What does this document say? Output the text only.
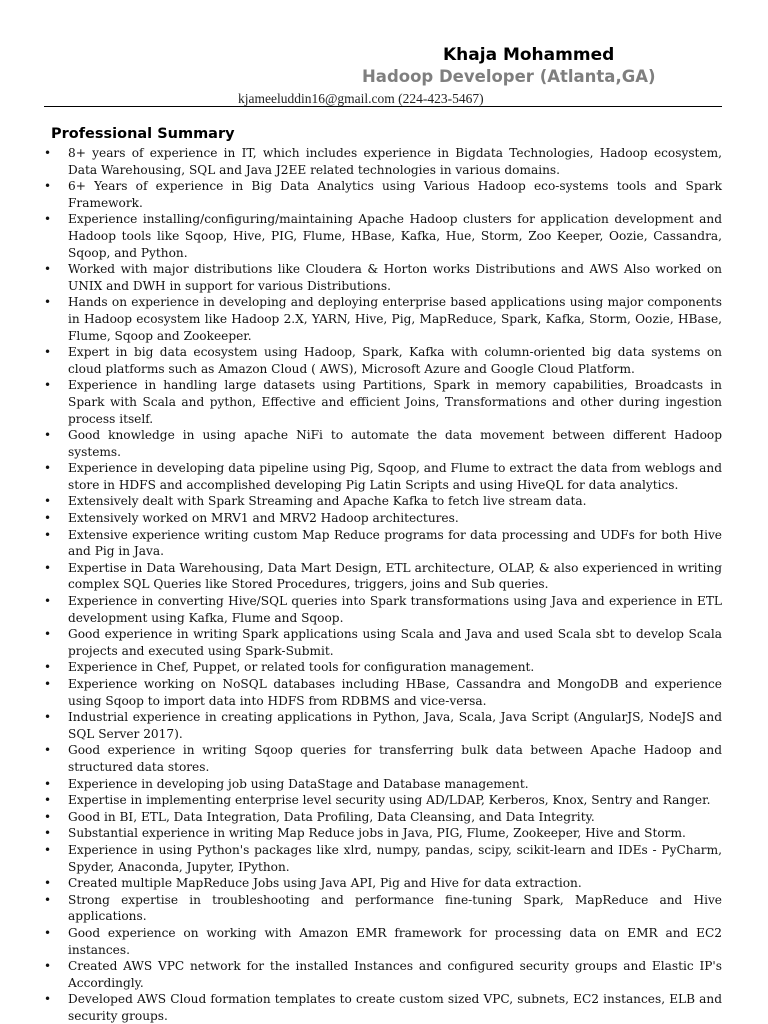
Khaja Mohammed
Hadoop Developer (Atlanta,GA)
kjameeluddin16@gmail.com (224-423-5467)
Professional Summary
• 8+ years of experience in IT, which includes experience in Bigdata Technologies, Hadoop ecosystem, Data Warehousing, SQL and Java J2EE related technologies in various domains.
• 6+ Years of experience in Big Data Analytics using Various Hadoop eco-systems tools and Spark Framework.
• Experience installing/configuring/maintaining Apache Hadoop clusters for application development and Hadoop tools like Sqoop, Hive, PIG, Flume, HBase, Kafka, Hue, Storm, Zoo Keeper, Oozie, Cassandra, Sqoop, and Python.
• Worked with major distributions like Cloudera & Horton works Distributions and AWS Also worked on UNIX and DWH in support for various Distributions.
• Hands on experience in developing and deploying enterprise based applications using major components in Hadoop ecosystem like Hadoop 2.X, YARN, Hive, Pig, MapReduce, Spark, Kafka, Storm, Oozie, HBase, Flume, Sqoop and Zookeeper.
• Expert in big data ecosystem using Hadoop, Spark, Kafka with column-oriented big data systems on cloud platforms such as Amazon Cloud ( AWS), Microsoft Azure and Google Cloud Platform.
• Experience in handling large datasets using Partitions, Spark in memory capabilities, Broadcasts in Spark with Scala and python, Effective and efficient Joins, Transformations and other during ingestion process itself.
• Good knowledge in using apache NiFi to automate the data movement between different Hadoop systems.
• Experience in developing data pipeline using Pig, Sqoop, and Flume to extract the data from weblogs and store in HDFS and accomplished developing Pig Latin Scripts and using HiveQL for data analytics.
• Extensively dealt with Spark Streaming and Apache Kafka to fetch live stream data.
• Extensively worked on MRV1 and MRV2 Hadoop architectures.
• Extensive experience writing custom Map Reduce programs for data processing and UDFs for both Hive and Pig in Java.
• Expertise in Data Warehousing, Data Mart Design, ETL architecture, OLAP, & also experienced in writing complex SQL Queries like Stored Procedures, triggers, joins and Sub queries.
• Experience in converting Hive/SQL queries into Spark transformations using Java and experience in ETL development using Kafka, Flume and Sqoop.
• Good experience in writing Spark applications using Scala and Java and used Scala sbt to develop Scala projects and executed using Spark-Submit.
• Experience in Chef, Puppet, or related tools for configuration management.
• Experience working on NoSQL databases including HBase, Cassandra and MongoDB and experience using Sqoop to import data into HDFS from RDBMS and vice-versa.
• Industrial experience in creating applications in Python, Java, Scala, Java Script (AngularJS, NodeJS and SQL Server 2017).
• Good experience in writing Sqoop queries for transferring bulk data between Apache Hadoop and structured data stores.
• Experience in developing job using DataStage and Database management.
• Expertise in implementing enterprise level security using AD/LDAP, Kerberos, Knox, Sentry and Ranger.
• Good in BI, ETL, Data Integration, Data Profiling, Data Cleansing, and Data Integrity.
• Substantial experience in writing Map Reduce jobs in Java, PIG, Flume, Zookeeper, Hive and Storm.
• Experience in using Python's packages like xlrd, numpy, pandas, scipy, scikit-learn and IDEs - PyCharm, Spyder, Anaconda, Jupyter, IPython.
• Created multiple MapReduce Jobs using Java API, Pig and Hive for data extraction.
• Strong expertise in troubleshooting and performance fine-tuning Spark, MapReduce and Hive applications.
• Good experience on working with Amazon EMR framework for processing data on EMR and EC2 instances.
• Created AWS VPC network for the installed Instances and configured security groups and Elastic IP's Accordingly.
• Developed AWS Cloud formation templates to create custom sized VPC, subnets, EC2 instances, ELB and security groups.
